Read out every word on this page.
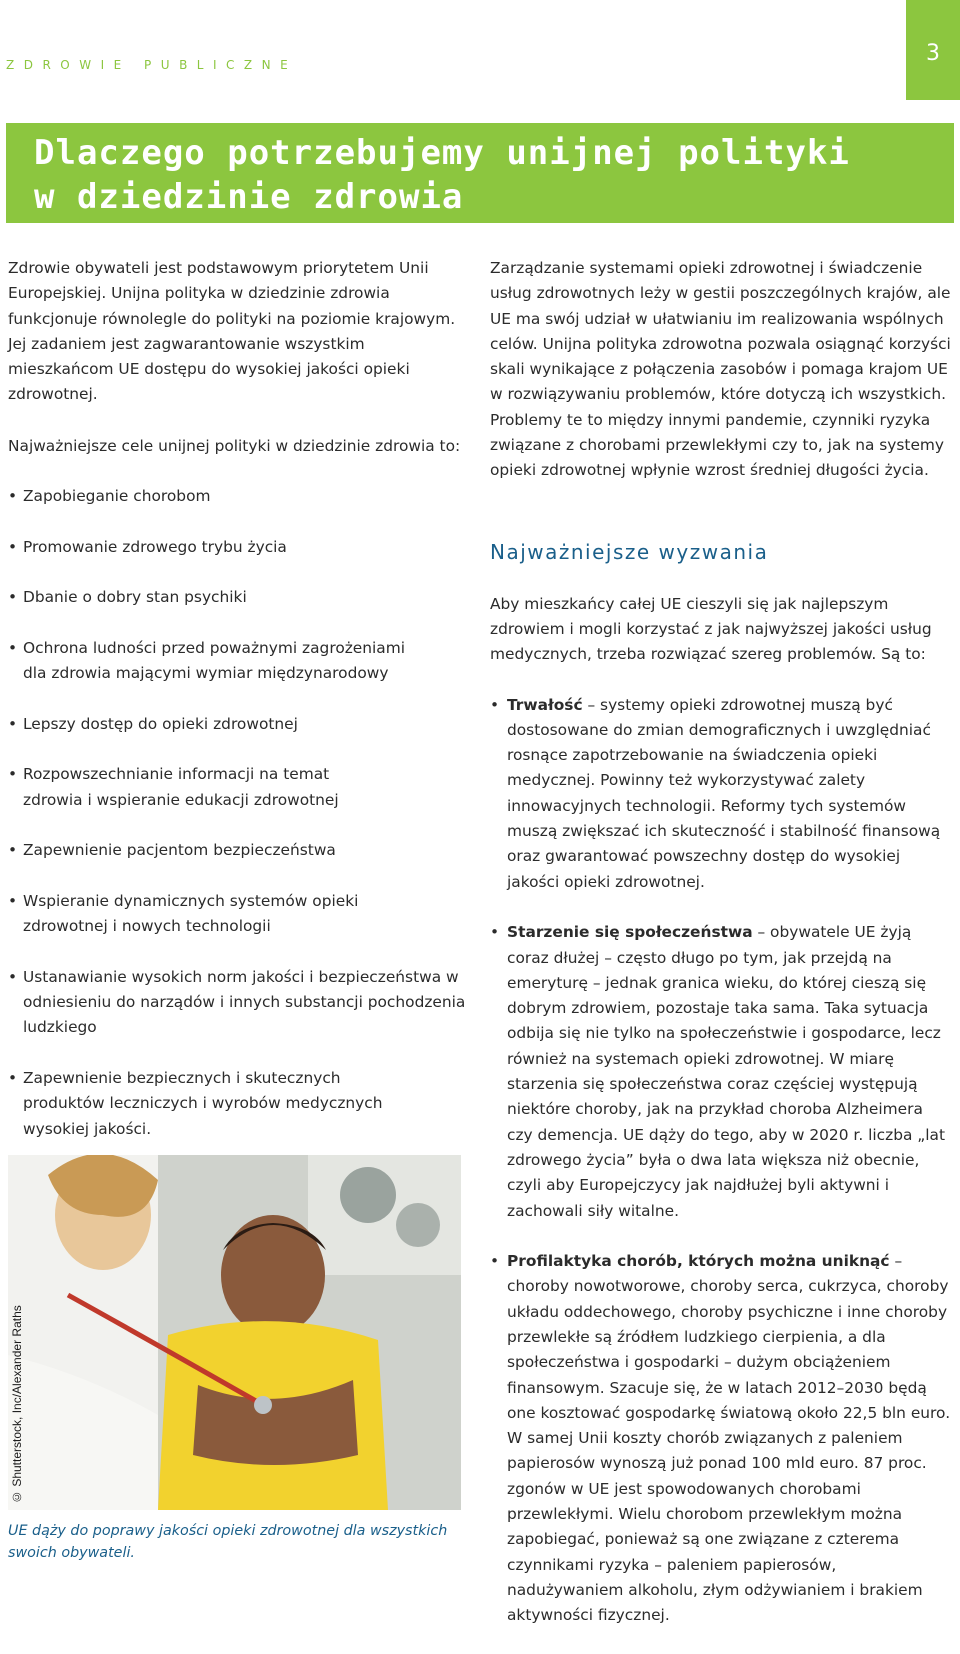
ZDROWIE PUBLICZNE	3
Dlaczego potrzebujemy unijnej polityki
w dziedzinie zdrowia

Zdrowie obywateli jest podstawowym priorytetem Unii Europejskiej. Unijna polityka w dziedzinie zdrowia funkcjonuje równolegle do polityki na poziomie krajowym. Jej zadaniem jest zagwarantowanie wszystkim mieszkańcom UE dostępu do wysokiej jakości opieki zdrowotnej.

Najważniejsze cele unijnej polityki w dziedzinie zdrowia to:

• Zapobieganie chorobom
• Promowanie zdrowego trybu życia
• Dbanie o dobry stan psychiki
• Ochrona ludności przed poważnymi zagrożeniami dla zdrowia mającymi wymiar międzynarodowy
• Lepszy dostęp do opieki zdrowotnej
• Rozpowszechnianie informacji na temat zdrowia i wspieranie edukacji zdrowotnej
• Zapewnienie pacjentom bezpieczeństwa
• Wspieranie dynamicznych systemów opieki zdrowotnej i nowych technologii
• Ustanawianie wysokich norm jakości i bezpieczeństwa w odniesieniu do narządów i innych substancji pochodzenia ludzkiego
• Zapewnienie bezpiecznych i skutecznych produktów leczniczych i wyrobów medycznych wysokiej jakości.

Zarządzanie systemami opieki zdrowotnej i świadczenie usług zdrowotnych leży w gestii poszczególnych krajów, ale UE ma swój udział w ułatwianiu im realizowania wspólnych celów. Unijna polityka zdrowotna pozwala osiągnąć korzyści skali wynikające z połączenia zasobów i pomaga krajom UE w rozwiązywaniu problemów, które dotyczą ich wszystkich. Problemy te to między innymi pandemie, czynniki ryzyka związane z chorobami przewlekłymi czy to, jak na systemy opieki zdrowotnej wpłynie wzrost średniej długości życia.

Najważniejsze wyzwania

Aby mieszkańcy całej UE cieszyli się jak najlepszym zdrowiem i mogli korzystać z jak najwyższej jakości usług medycznych, trzeba rozwiązać szereg problemów. Są to:

• Trwałość – systemy opieki zdrowotnej muszą być dostosowane do zmian demograficznych i uwzględniać rosnące zapotrzebowanie na świadczenia opieki medycznej. Powinny też wykorzystywać zalety innowacyjnych technologii. Reformy tych systemów muszą zwiększać ich skuteczność i stabilność finansową oraz gwarantować powszechny dostęp do wysokiej jakości opieki zdrowotnej.
• Starzenie się społeczeństwa – obywatele UE żyją coraz dłużej – często długo po tym, jak przejdą na emeryturę – jednak granica wieku, do której cieszą się dobrym zdrowiem, pozostaje taka sama. Taka sytuacja odbija się nie tylko na społeczeństwie i gospodarce, lecz również na systemach opieki zdrowotnej. W miarę starzenia się społeczeństwa coraz częściej występują niektóre choroby, jak na przykład choroba Alzheimera czy demencja. UE dąży do tego, aby w 2020 r. liczba „lat zdrowego życia” była o dwa lata większa niż obecnie, czyli aby Europejczycy jak najdłużej byli aktywni i zachowali siły witalne.
• Profilaktyka chorób, których można uniknąć – choroby nowotworowe, choroby serca, cukrzyca, choroby układu oddechowego, choroby psychiczne i inne choroby przewlekłe są źródłem ludzkiego cierpienia, a dla społeczeństwa i gospodarki – dużym obciążeniem finansowym. Szacuje się, że w latach 2012–2030 będą one kosztować gospodarkę światową około 22,5 bln euro. W samej Unii koszty chorób związanych z paleniem papierosów wynoszą już ponad 100 mld euro. 87 proc. zgonów w UE jest spowodowanych chorobami przewlekłymi. Wielu chorobom przewlekłym można zapobiegać, ponieważ są one związane z czterema czynnikami ryzyka – paleniem papierosów, nadużywaniem alkoholu, złym odżywianiem i brakiem aktywności fizycznej.
© Shutterstock, Inc/Alexander Raths
UE dąży do poprawy jakości opieki zdrowotnej dla wszystkich swoich obywateli.
